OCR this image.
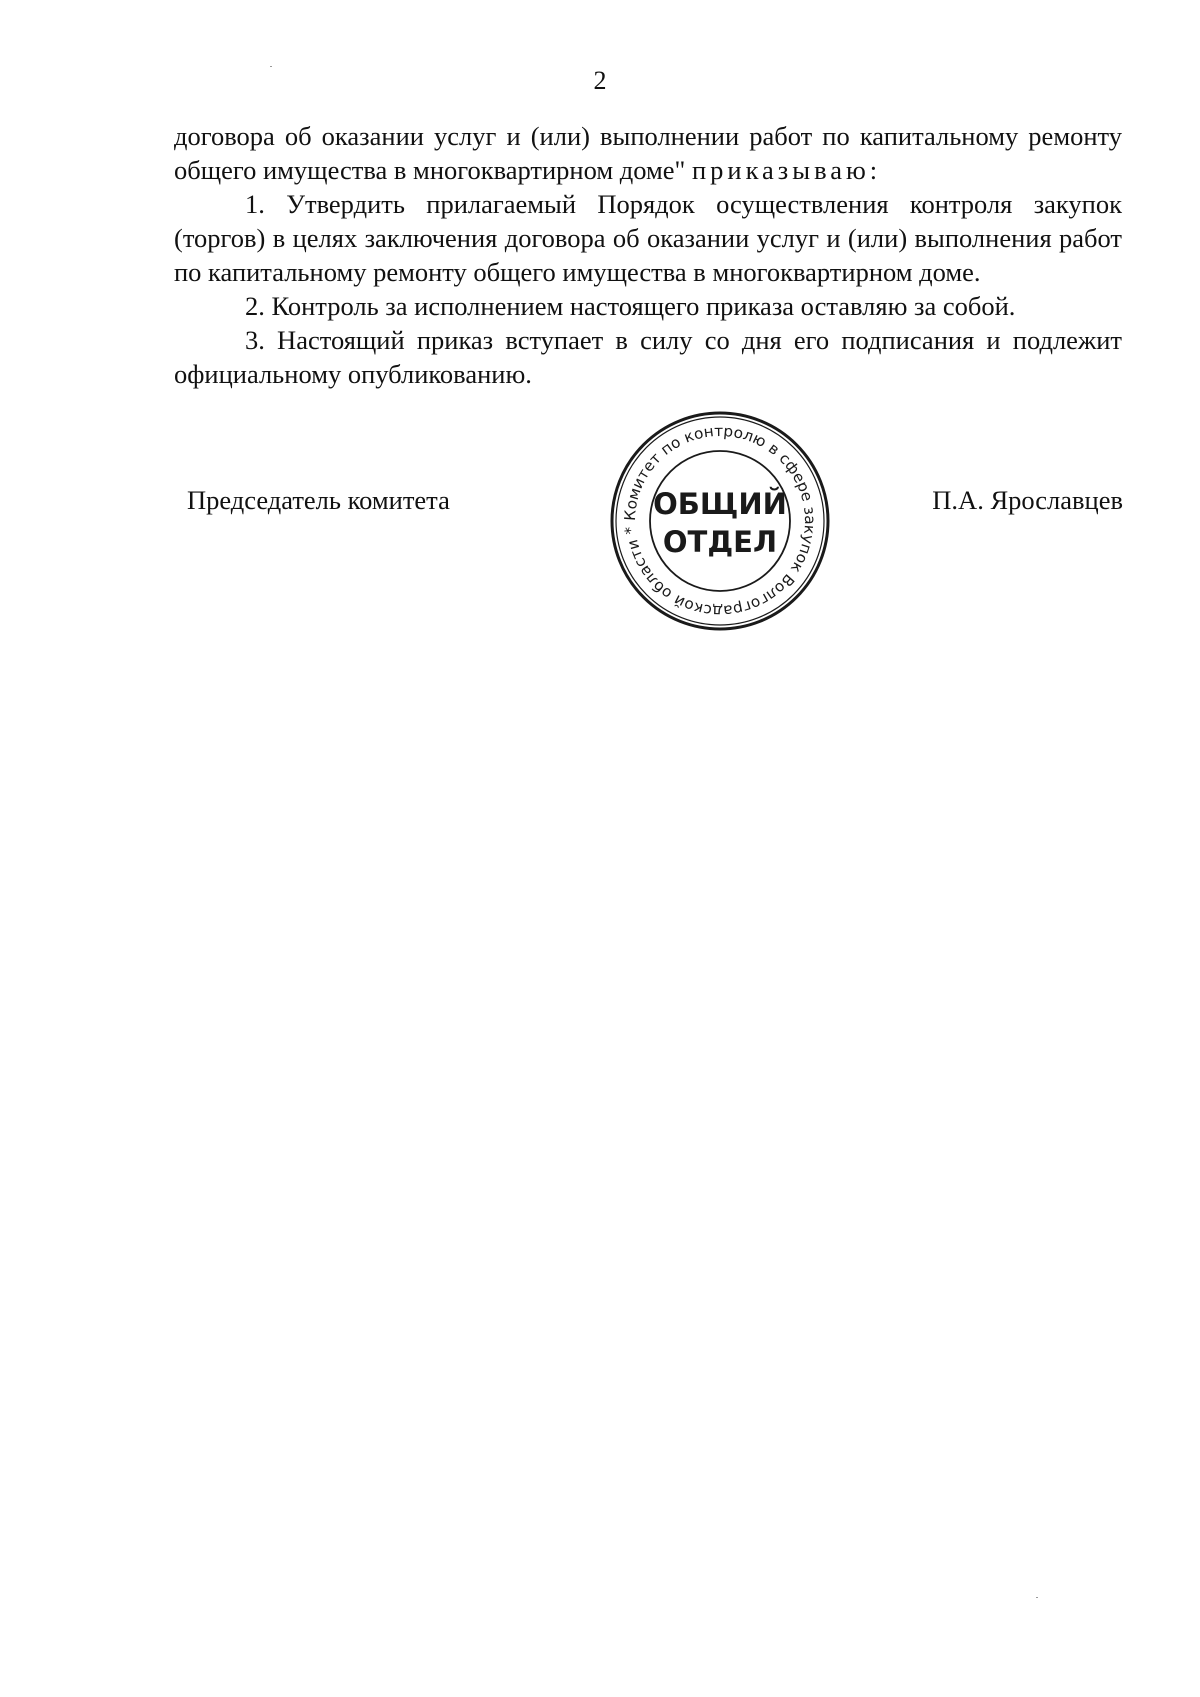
2

договора об оказании услуг и (или) выполнении работ по капитальному ремонту общего имущества в многоквартирном доме" приказываю:

1. Утвердить прилагаемый Порядок осуществления контроля закупок (торгов) в целях заключения договора об оказании услуг и (или) выполнения работ по капитальному ремонту общего имущества в многоквартирном доме.

2. Контроль за исполнением настоящего приказа оставляю за собой.

3. Настоящий приказ вступает в силу со дня его подписания и подлежит официальному опубликованию.

Председатель комитета	П.А. Ярославцев
Комитет по контролю в сфере закупок Волгоградской области *
ОБЩИЙ
ОТДЕЛ
